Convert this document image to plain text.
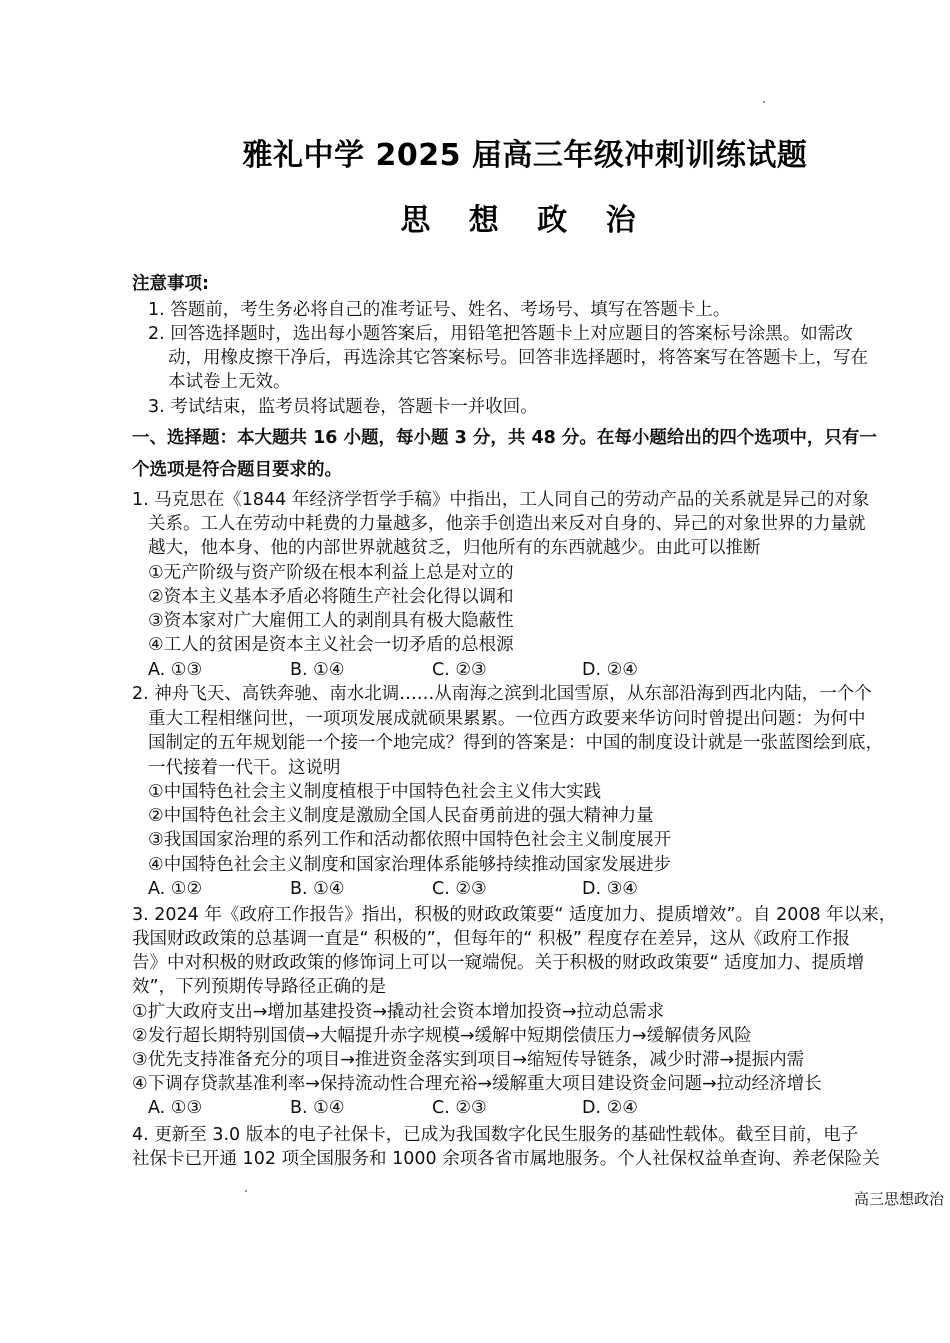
雅礼中学 2025 届高三年级冲刺训练试题
思 想 政 治
注意事项:
1. 答题前，考生务必将自己的准考证号、姓名、考场号、填写在答题卡上。
2. 回答选择题时，选出每小题答案后，用铅笔把答题卡上对应题目的答案标号涂黑。如需改
动，用橡皮擦干净后，再选涂其它答案标号。回答非选择题时，将答案写在答题卡上，写在
本试卷上无效。
3. 考试结束，监考员将试题卷，答题卡一并收回。
一、选择题：本大题共 16 小题，每小题 3 分，共 48 分。在每小题给出的四个选项中，只有一
个选项是符合题目要求的。
1. 马克思在《1844 年经济学哲学手稿》中指出，工人同自己的劳动产品的关系就是异己的对象
关系。工人在劳动中耗费的力量越多，他亲手创造出来反对自身的、异己的对象世界的力量就
越大，他本身、他的内部世界就越贫乏，归他所有的东西就越少。由此可以推断
①无产阶级与资产阶级在根本利益上总是对立的
②资本主义基本矛盾必将随生产社会化得以调和
③资本家对广大雇佣工人的剥削具有极大隐蔽性
④工人的贫困是资本主义社会一切矛盾的总根源
A. ①③	B. ①④	C. ②③	D. ②④
2. 神舟飞天、高铁奔驰、南水北调……从南海之滨到北国雪原，从东部沿海到西北内陆，一个个
重大工程相继问世，一项项发展成就硕果累累。一位西方政要来华访问时曾提出问题：为何中
国制定的五年规划能一个接一个地完成？得到的答案是：中国的制度设计就是一张蓝图绘到底，
一代接着一代干。这说明
①中国特色社会主义制度植根于中国特色社会主义伟大实践
②中国特色社会主义制度是激励全国人民奋勇前进的强大精神力量
③我国国家治理的系列工作和活动都依照中国特色社会主义制度展开
④中国特色社会主义制度和国家治理体系能够持续推动国家发展进步
A. ①②	B. ①④	C. ②③	D. ③④
3. 2024 年《政府工作报告》指出，积极的财政政策要“ 适度加力、提质增效”。自 2008 年以来，
我国财政政策的总基调一直是“ 积极的”，但每年的“ 积极” 程度存在差异，这从《政府工作报
告》中对积极的财政政策的修饰词上可以一窥端倪。关于积极的财政政策要“ 适度加力、提质增
效”，下列预期传导路径正确的是
①扩大政府支出→增加基建投资→撬动社会资本增加投资→拉动总需求
②发行超长期特别国债→大幅提升赤字规模→缓解中短期偿债压力→缓解债务风险
③优先支持准备充分的项目→推进资金落实到项目→缩短传导链条，减少时滞→提振内需
④下调存贷款基准利率→保持流动性合理充裕→缓解重大项目建设资金问题→拉动经济增长
A. ①③	B. ①④	C. ②③	D. ②④
4. 更新至 3.0 版本的电子社保卡，已成为我国数字化民生服务的基础性载体。截至目前，电子
社保卡已开通 102 项全国服务和 1000 余项各省市属地服务。个人社保权益单查询、养老保险关
高三思想政治
